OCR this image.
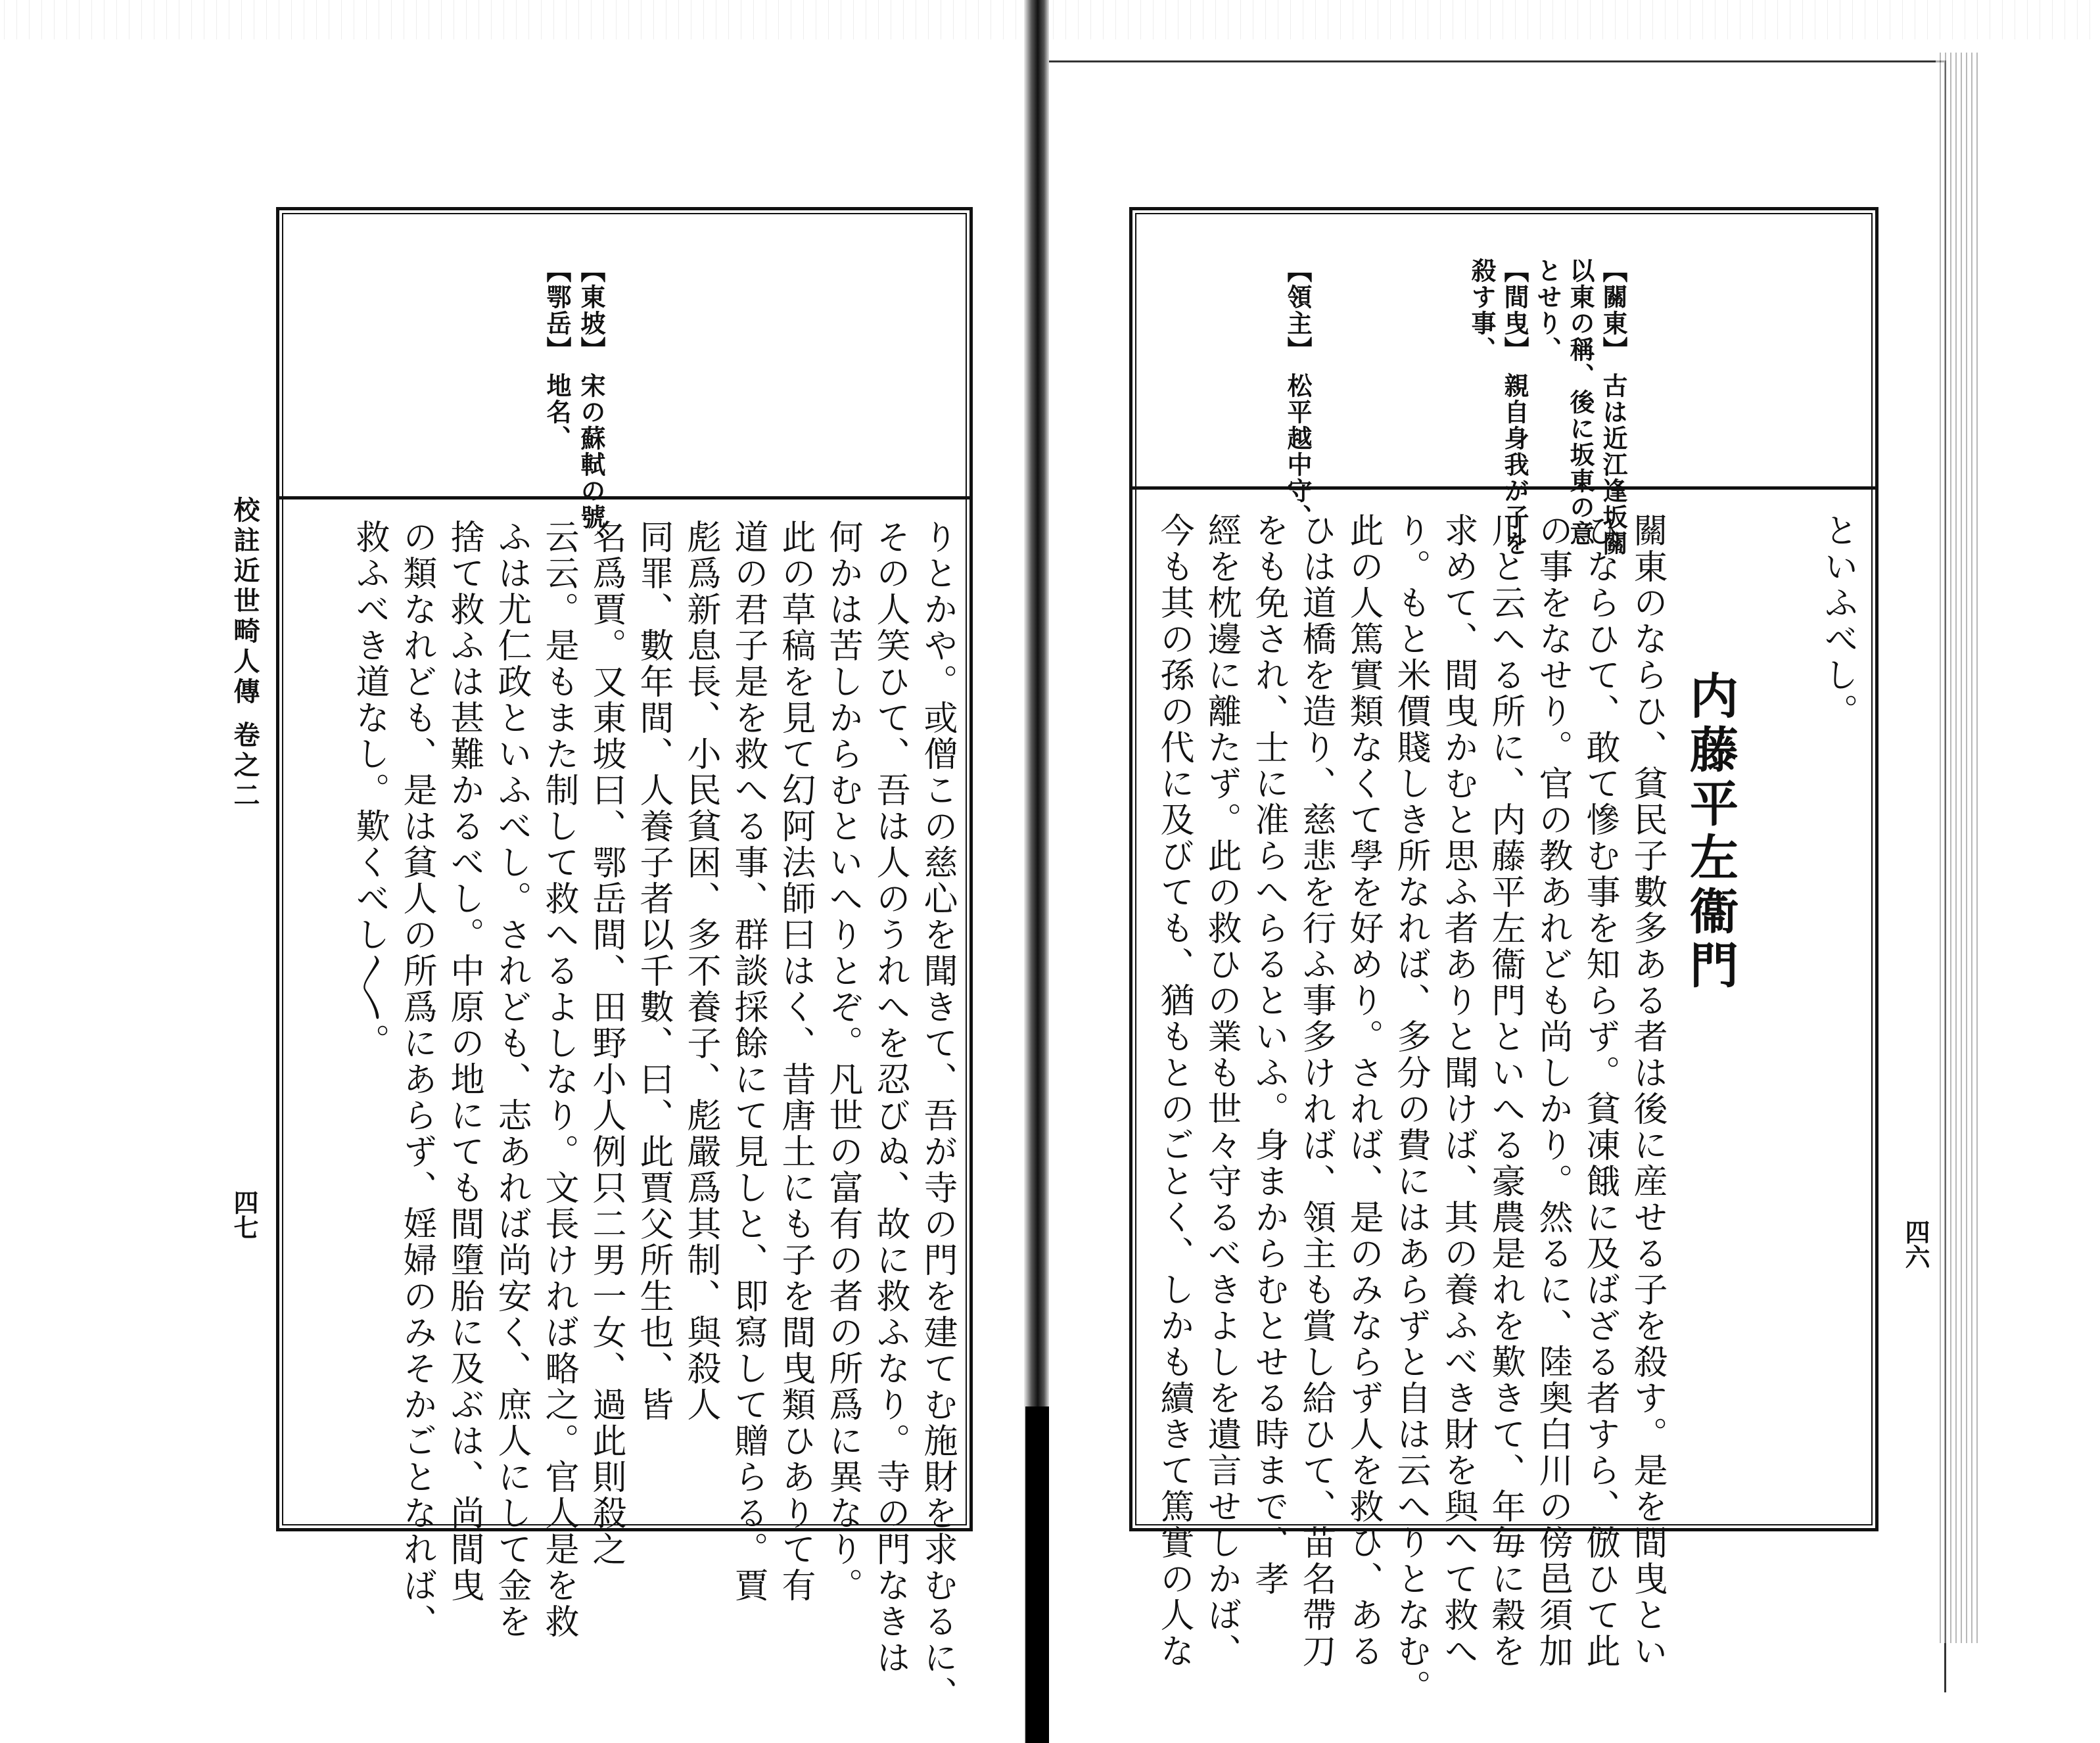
校註近世畸人傳 卷之二
四七
【東坡】 宋の蘇軾の號、
【鄂岳】 地名、
りとかや。或僧この慈心を聞きて、吾が寺の門を建てむ施財を求むるに、
その人笑ひて、吾は人のうれへを忍びぬ、故に救ふなり。寺の門なきは
何かは苦しからむといへりとぞ。凡世の富有の者の所爲に異なり。
此の草稿を見て幻阿法師曰はく、昔唐土にも子を間曳類ひありて有
道の君子是を救へる事、群談採餘にて見しと、即寫して贈らる。賈
彪爲新息長、小民貧困、多不養子、彪嚴爲其制、與殺人
同罪、數年間、人養子者以千數、曰、此賈父所生也、皆
名爲賈。又東坡曰、鄂岳間、田野小人例只二男一女、過此則殺之
云云。是もまた制して救へるよしなり。文長ければ略之。官人是を救
ふは尤仁政といふべし。されども、志あれば尚安く、庶人にして金を
捨て救ふは甚難かるべし。中原の地にても間墮胎に及ぶは、尚間曳
の類なれども、是は貧人の所爲にあらず、婬婦のみそかごとなれば、
救ふべき道なし。歎くべし〳〵。
【關東】 古は近江逢坂關
以東の稱、後に坂東の意
とせり、
【間曳】 親自身我が子を
殺す事、
【領主】 松平越中守、
といふべし。
内藤平左衞門
關東のならひ、貧民子數多ある者は後に産せる子を殺す。是を間曳とい
ひならひて、敢て慘む事を知らず。貧凍餓に及ばざる者すら、倣ひて此
の事をなせり。官の教あれども尚しかり。然るに、陸奥白川の傍邑須加
川と云へる所に、内藤平左衞門といへる豪農是れを歎きて、年毎に穀を
求めて、間曳かむと思ふ者ありと聞けば、其の養ふべき財を與へて救へ
り。もと米價賤しき所なれば、多分の費にはあらずと自は云へりとなむ。
此の人篤實類なくて學を好めり。されば、是のみならず人を救ひ、ある
ひは道橋を造り、慈悲を行ふ事多ければ、領主も賞し給ひて、苗名帶刀
をも免され、士に准らへらるといふ。身まからむとせる時まで、孝
經を枕邊に離たず。此の救ひの業も世々守るべきよしを遺言せしかば、
今も其の孫の代に及びても、猶もとのごとく、しかも續きて篤實の人な	四六
